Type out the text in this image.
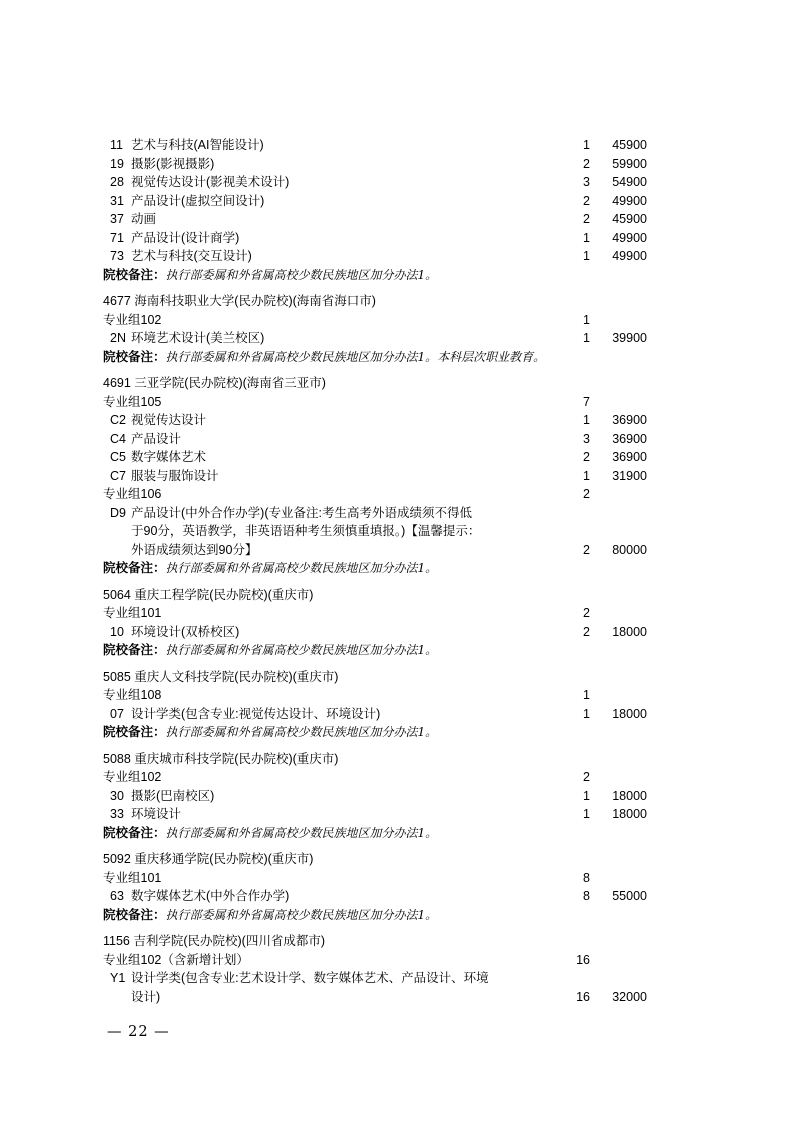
11 艺术与科技(AI智能设计)	1 45900
19 摄影(影视摄影)	2 59900
28 视觉传达设计(影视美术设计)	3 54900
31 产品设计(虚拟空间设计)	2 49900
37 动画	2 45900
71 产品设计(设计商学)	1 49900
73 艺术与科技(交互设计)	1 49900
院校备注：执行部委属和外省属高校少数民族地区加分办法1。
4677 海南科技职业大学(民办院校)(海南省海口市)
专业组102	1
2N 环境艺术设计(美兰校区)	1 39900
院校备注：执行部委属和外省属高校少数民族地区加分办法1。本科层次职业教育。
4691 三亚学院(民办院校)(海南省三亚市)
专业组105	7
C2 视觉传达设计	1 36900
C4 产品设计	3 36900
C5 数字媒体艺术	2 36900
C7 服装与服饰设计	1 31900
专业组106	2
D9 产品设计(中外合作办学)(专业备注:考生高考外语成绩须不得低
于90分，英语教学，非英语语种考生须慎重填报。)【温馨提示：
外语成绩须达到90分】	2 80000
院校备注：执行部委属和外省属高校少数民族地区加分办法1。
5064 重庆工程学院(民办院校)(重庆市)
专业组101	2
10 环境设计(双桥校区)	2 18000
院校备注：执行部委属和外省属高校少数民族地区加分办法1。
5085 重庆人文科技学院(民办院校)(重庆市)
专业组108	1
07 设计学类(包含专业:视觉传达设计、环境设计)	1 18000
院校备注：执行部委属和外省属高校少数民族地区加分办法1。
5088 重庆城市科技学院(民办院校)(重庆市)
专业组102	2
30 摄影(巴南校区)	1 18000
33 环境设计	1 18000
院校备注：执行部委属和外省属高校少数民族地区加分办法1。
5092 重庆移通学院(民办院校)(重庆市)
专业组101	8
63 数字媒体艺术(中外合作办学)	8 55000
院校备注：执行部委属和外省属高校少数民族地区加分办法1。
1156 吉利学院(民办院校)(四川省成都市)
专业组102（含新增计划）	16
Y1 设计学类(包含专业:艺术设计学、数字媒体艺术、产品设计、环境
设计)	16 32000
— 22 —
